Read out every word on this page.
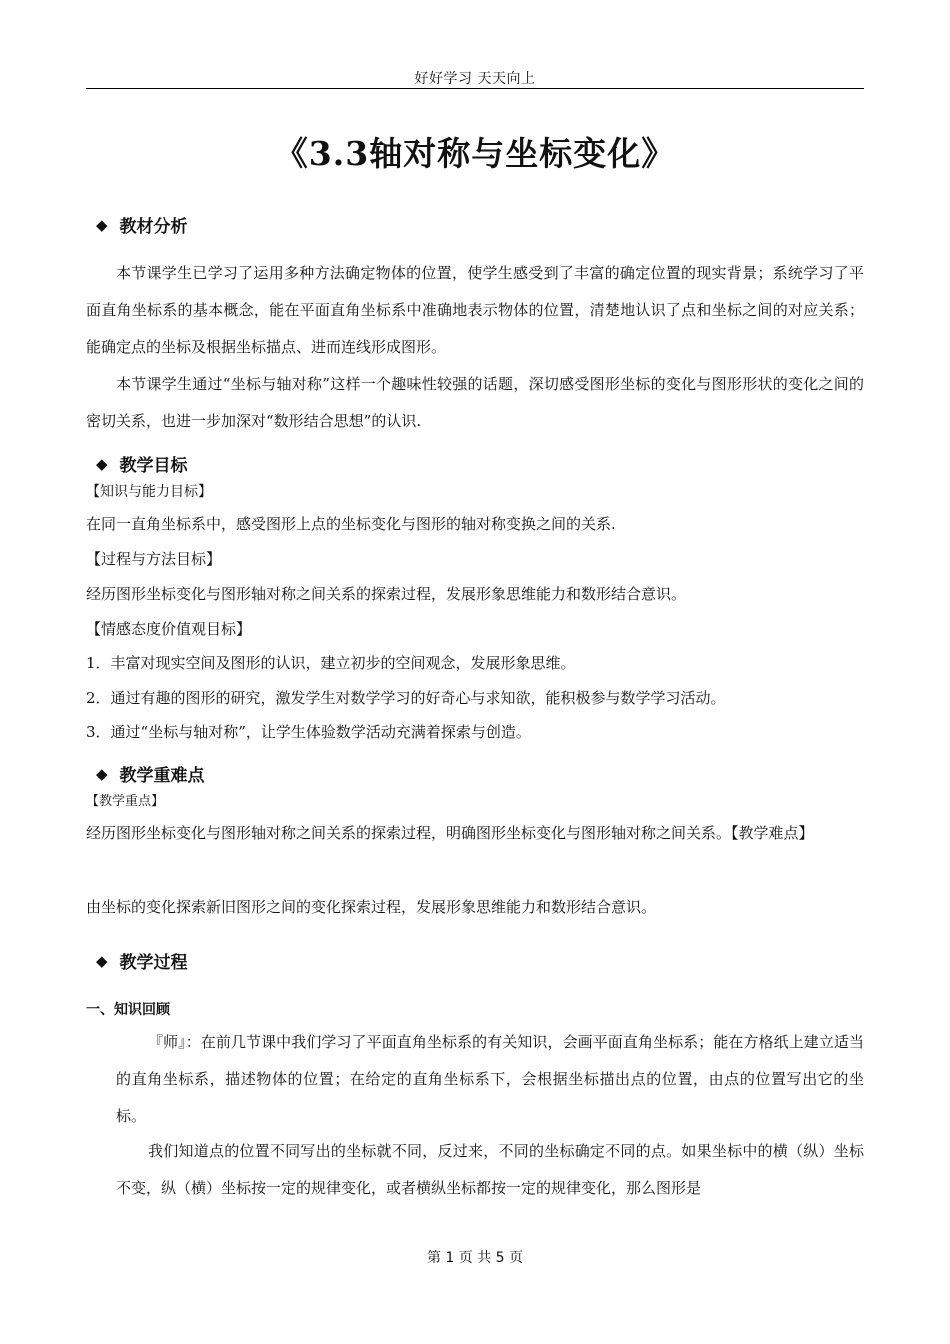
好好学习 天天向上
《3.3轴对称与坐标变化》
◆ 教材分析
本节课学生已学习了运用多种方法确定物体的位置，使学生感受到了丰富的确定位置的现实背景；系统学习了平面直角坐标系的基本概念，能在平面直角坐标系中准确地表示物体的位置，清楚地认识了点和坐标之间的对应关系；能确定点的坐标及根据坐标描点、进而连线形成图形。
本节课学生通过“坐标与轴对称”这样一个趣味性较强的话题，深切感受图形坐标的变化与图形形状的变化之间的密切关系，也进一步加深对“数形结合思想”的认识.
◆ 教学目标
【知识与能力目标】
在同一直角坐标系中，感受图形上点的坐标变化与图形的轴对称变换之间的关系.
【过程与方法目标】
经历图形坐标变化与图形轴对称之间关系的探索过程，发展形象思维能力和数形结合意识。
【情感态度价值观目标】
1．丰富对现实空间及图形的认识，建立初步的空间观念，发展形象思维。
2．通过有趣的图形的研究，激发学生对数学学习的好奇心与求知欲，能积极参与数学学习活动。
3．通过“坐标与轴对称”，让学生体验数学活动充满着探索与创造。
◆ 教学重难点
【教学重点】
经历图形坐标变化与图形轴对称之间关系的探索过程，明确图形坐标变化与图形轴对称之间关系。【教学难点】
由坐标的变化探索新旧图形之间的变化探索过程，发展形象思维能力和数形结合意识。
◆ 教学过程
一、知识回顾
『师』：在前几节课中我们学习了平面直角坐标系的有关知识，会画平面直角坐标系；能在方格纸上建立适当的直角坐标系，描述物体的位置；在给定的直角坐标系下，会根据坐标描出点的位置，由点的位置写出它的坐标。
我们知道点的位置不同写出的坐标就不同，反过来，不同的坐标确定不同的点。如果坐标中的横（纵）坐标不变，纵（横）坐标按一定的规律变化，或者横纵坐标都按一定的规律变化，那么图形是
第 1 页 共 5 页
